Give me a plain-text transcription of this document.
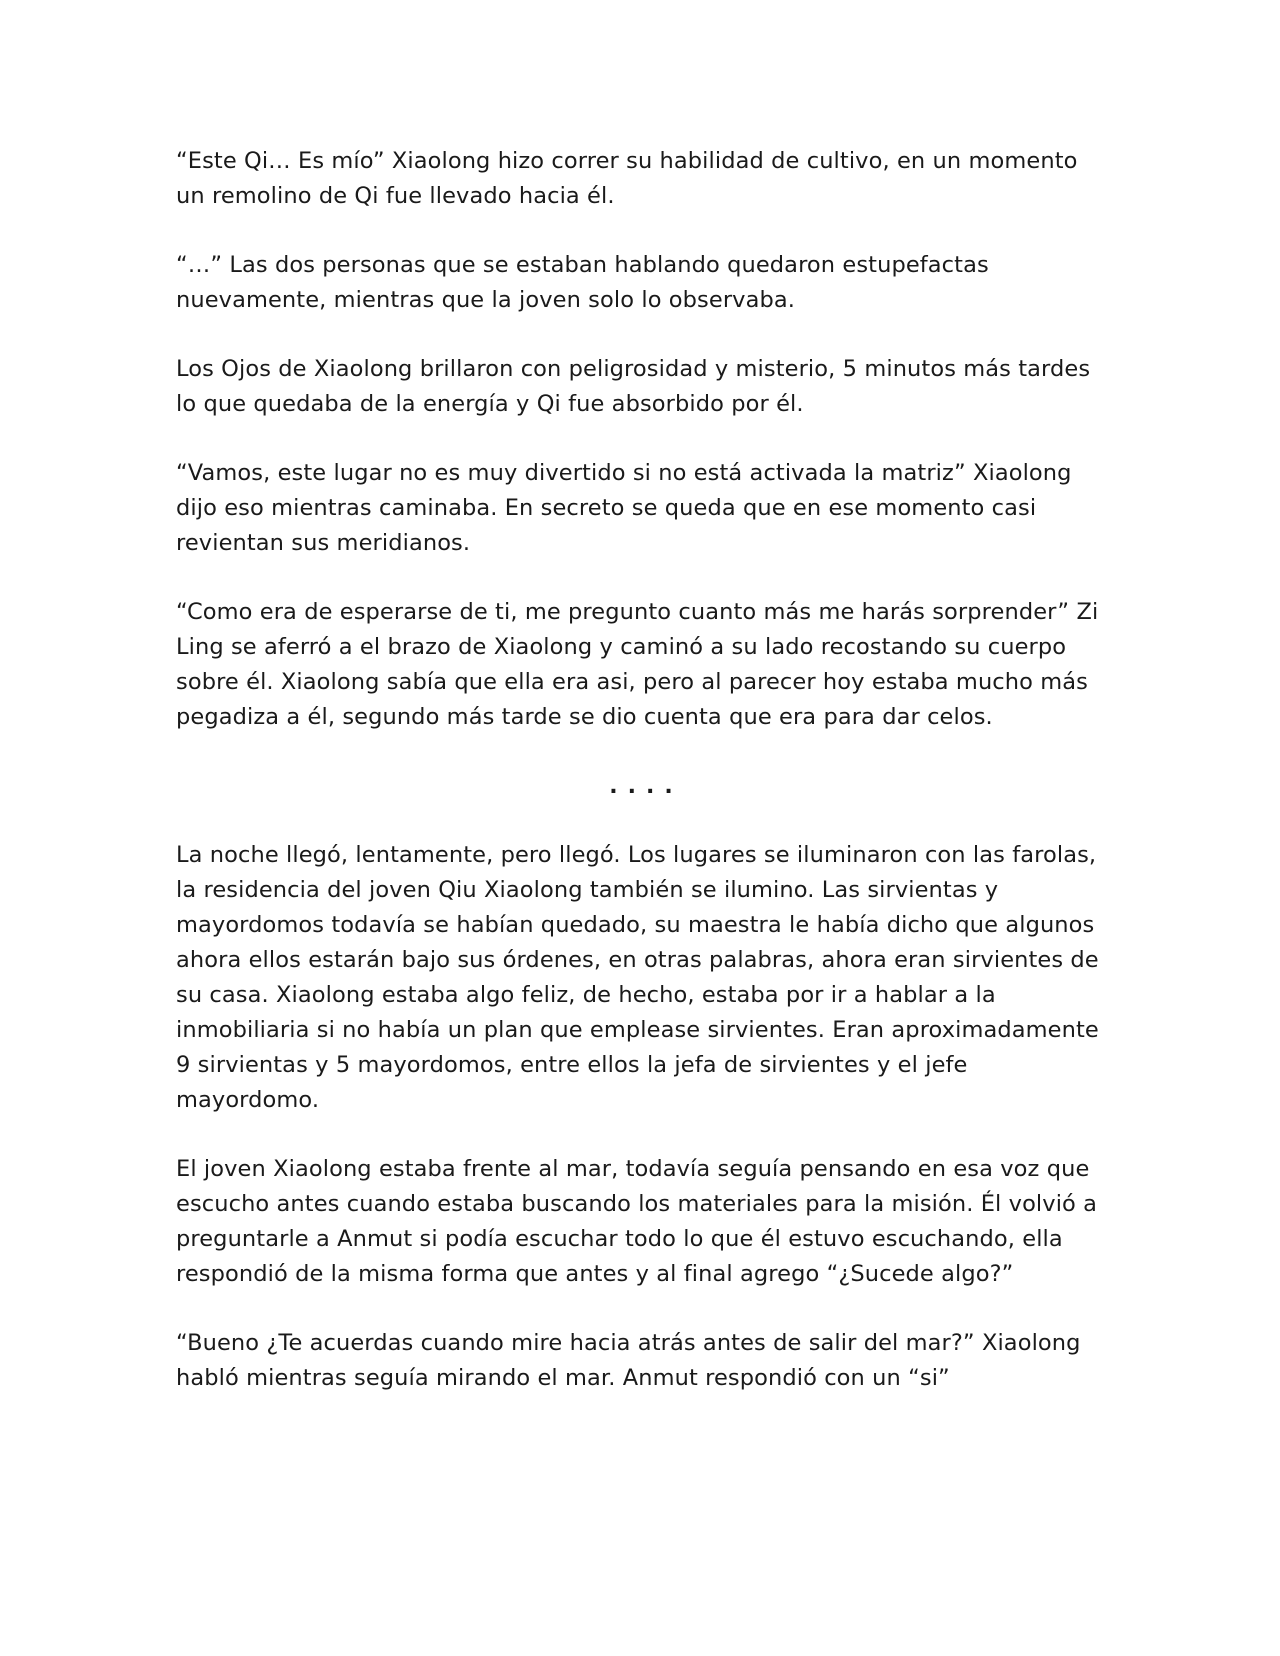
“Este Qi… Es mío” Xiaolong hizo correr su habilidad de cultivo, en un momento un remolino de Qi fue llevado hacia él.

“…” Las dos personas que se estaban hablando quedaron estupefactas nuevamente, mientras que la joven solo lo observaba.

Los Ojos de Xiaolong brillaron con peligrosidad y misterio, 5 minutos más tardes lo que quedaba de la energía y Qi fue absorbido por él.

“Vamos, este lugar no es muy divertido si no está activada la matriz” Xiaolong dijo eso mientras caminaba. En secreto se queda que en ese momento casi revientan sus meridianos.

“Como era de esperarse de ti, me pregunto cuanto más me harás sorprender” Zi Ling se aferró a el brazo de Xiaolong y caminó a su lado recostando su cuerpo sobre él. Xiaolong sabía que ella era asi, pero al parecer hoy estaba mucho más pegadiza a él, segundo más tarde se dio cuenta que era para dar celos.

....

La noche llegó, lentamente, pero llegó. Los lugares se iluminaron con las farolas, la residencia del joven Qiu Xiaolong también se ilumino. Las sirvientas y mayordomos todavía se habían quedado, su maestra le había dicho que algunos ahora ellos estarán bajo sus órdenes, en otras palabras, ahora eran sirvientes de su casa. Xiaolong estaba algo feliz, de hecho, estaba por ir a hablar a la inmobiliaria si no había un plan que emplease sirvientes. Eran aproximadamente 9 sirvientas y 5 mayordomos, entre ellos la jefa de sirvientes y el jefe mayordomo.

El joven Xiaolong estaba frente al mar, todavía seguía pensando en esa voz que escucho antes cuando estaba buscando los materiales para la misión. Él volvió a preguntarle a Anmut si podía escuchar todo lo que él estuvo escuchando, ella respondió de la misma forma que antes y al final agrego “¿Sucede algo?”

“Bueno ¿Te acuerdas cuando mire hacia atrás antes de salir del mar?” Xiaolong habló mientras seguía mirando el mar. Anmut respondió con un “si”
